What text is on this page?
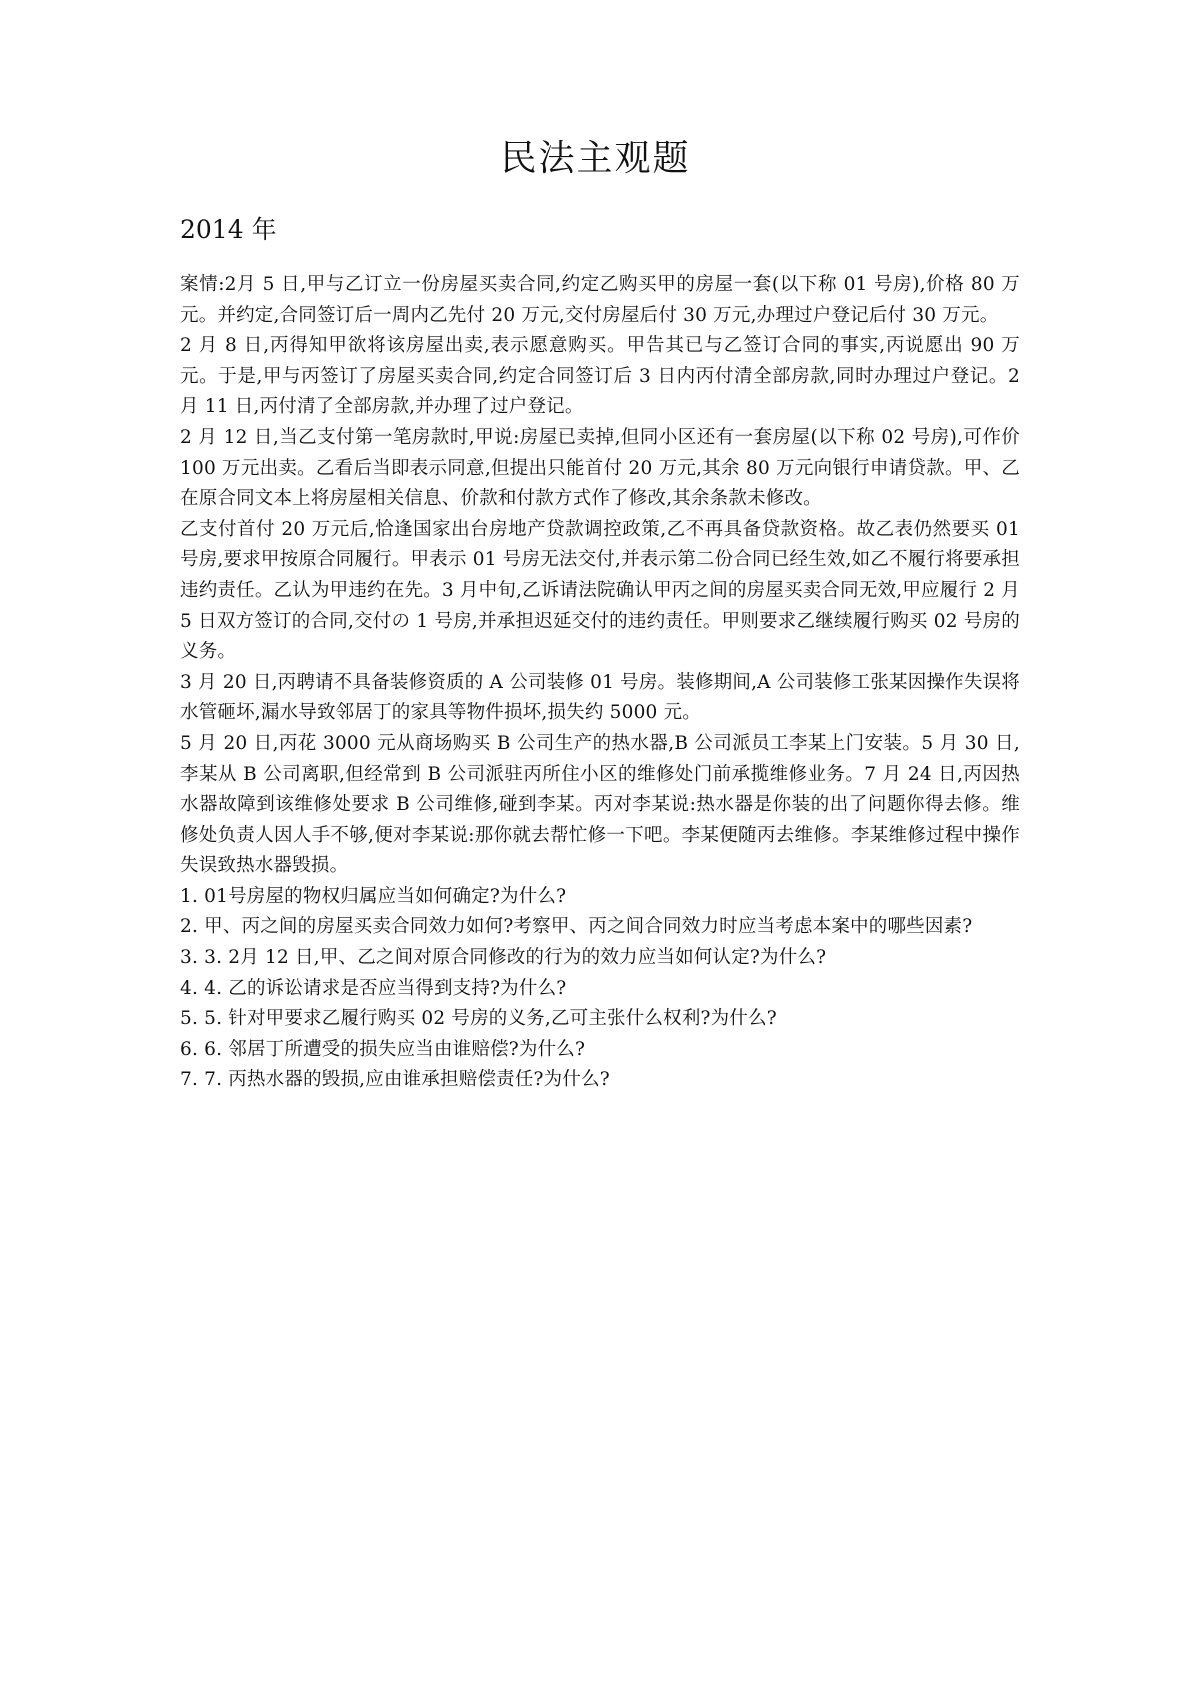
民法主观题
2014 年

案情:2月 5 日,甲与乙订立一份房屋买卖合同,约定乙购买甲的房屋一套(以下称 01 号房),价格 80 万元。并约定,合同签订后一周内乙先付 20 万元,交付房屋后付 30 万元,办理过户登记后付 30 万元。

2 月 8 日,丙得知甲欲将该房屋出卖,表示愿意购买。甲告其已与乙签订合同的事实,丙说愿出 90 万元。于是,甲与丙签订了房屋买卖合同,约定合同签订后 3 日内丙付清全部房款,同时办理过户登记。2 月 11 日,丙付清了全部房款,并办理了过户登记。

2 月 12 日,当乙支付第一笔房款时,甲说:房屋已卖掉,但同小区还有一套房屋(以下称 02 号房),可作价 100 万元出卖。乙看后当即表示同意,但提出只能首付 20 万元,其余 80 万元向银行申请贷款。甲、乙在原合同文本上将房屋相关信息、价款和付款方式作了修改,其余条款未修改。

乙支付首付 20 万元后,恰逢国家出台房地产贷款调控政策,乙不再具备贷款资格。故乙表仍然要买 01 号房,要求甲按原合同履行。甲表示 01 号房无法交付,并表示第二份合同已经生效,如乙不履行将要承担违约责任。乙认为甲违约在先。3 月中旬,乙诉请法院确认甲丙之间的房屋买卖合同无效,甲应履行 2 月 5 日双方签订的合同,交付の 1 号房,并承担迟延交付的违约责任。甲则要求乙继续履行购买 02 号房的义务。

3 月 20 日,丙聘请不具备装修资质的 A 公司装修 01 号房。装修期间,A 公司装修工张某因操作失误将水管砸坏,漏水导致邻居丁的家具等物件损坏,损失约 5000 元。

5 月 20 日,丙花 3000 元从商场购买 B 公司生产的热水器,B 公司派员工李某上门安装。5 月 30 日,李某从 B 公司离职,但经常到 B 公司派驻丙所住小区的维修处门前承揽维修业务。7 月 24 日,丙因热水器故障到该维修处要求 B 公司维修,碰到李某。丙对李某说:热水器是你装的出了问题你得去修。维修处负责人因人手不够,便对李某说:那你就去帮忙修一下吧。李某便随丙去维修。李某维修过程中操作失误致热水器毁损。

1. 01号房屋的物权归属应当如何确定?为什么?

2. 甲、丙之间的房屋买卖合同效力如何?考察甲、丙之间合同效力时应当考虑本案中的哪些因素?

3. 3. 2月 12 日,甲、乙之间对原合同修改的行为的效力应当如何认定?为什么?

4. 4. 乙的诉讼请求是否应当得到支持?为什么?

5. 5. 针对甲要求乙履行购买 02 号房的义务,乙可主张什么权利?为什么?

6. 6. 邻居丁所遭受的损失应当由谁赔偿?为什么?

7. 7. 丙热水器的毁损,应由谁承担赔偿责任?为什么?
